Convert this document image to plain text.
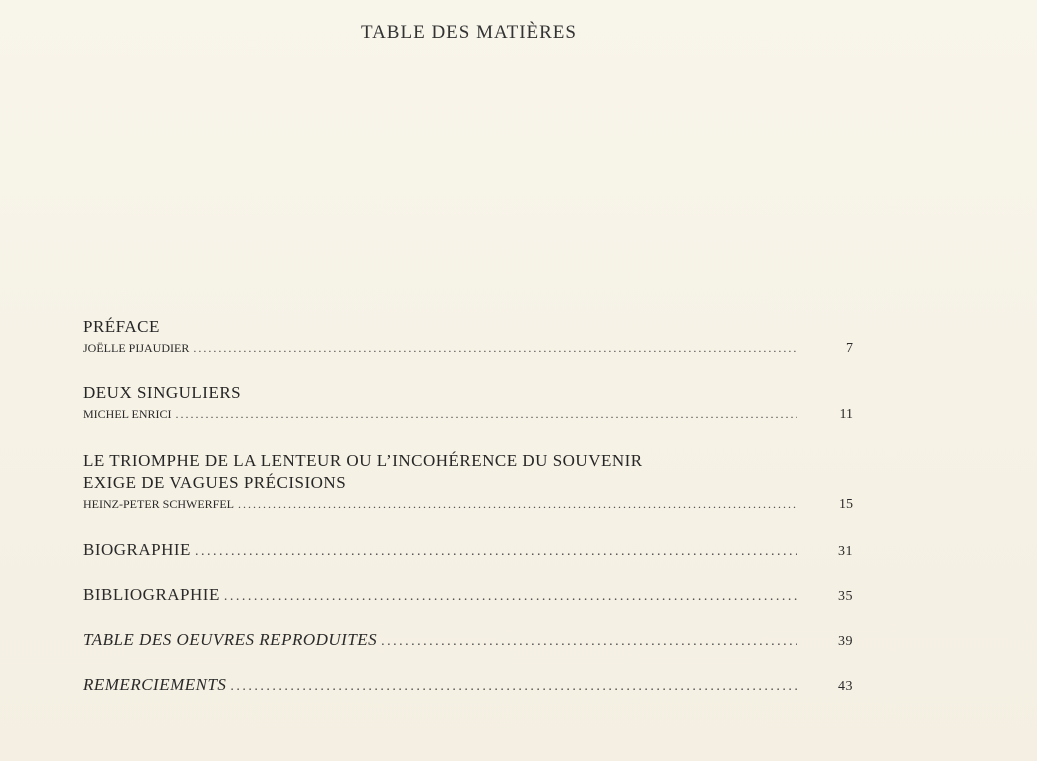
TABLE DES MATIÈRES
PRÉFACE
JOËLLE PIJAUDIER .....	7
DEUX SINGULIERS
MICHEL ENRICI .....	11
LE TRIOMPHE DE LA LENTEUR OU L’INCOHÉRENCE DU SOUVENIR
EXIGE DE VAGUES PRÉCISIONS
HEINZ-PETER SCHWERFEL .....	15
BIOGRAPHIE .....	31
BIBLIOGRAPHIE .....	35
TABLE DES OEUVRES REPRODUITES .....	39
REMERCIEMENTS .....	43
